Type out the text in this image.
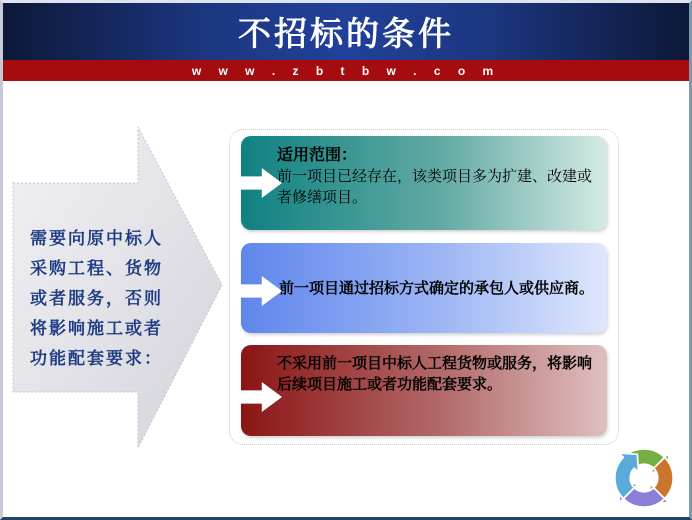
不招标的条件
w w w . z b t b w . c o m
需要向原中标人
采购工程、货物
或者服务，否则
将影响施工或者
功能配套要求：
适用范围：
前一项目已经存在，该类项目多为扩建、改建或者修缮项目。
前一项目通过招标方式确定的承包人或供应商。
不采用前一项目中标人工程货物或服务，将影响后续项目施工或者功能配套要求。
